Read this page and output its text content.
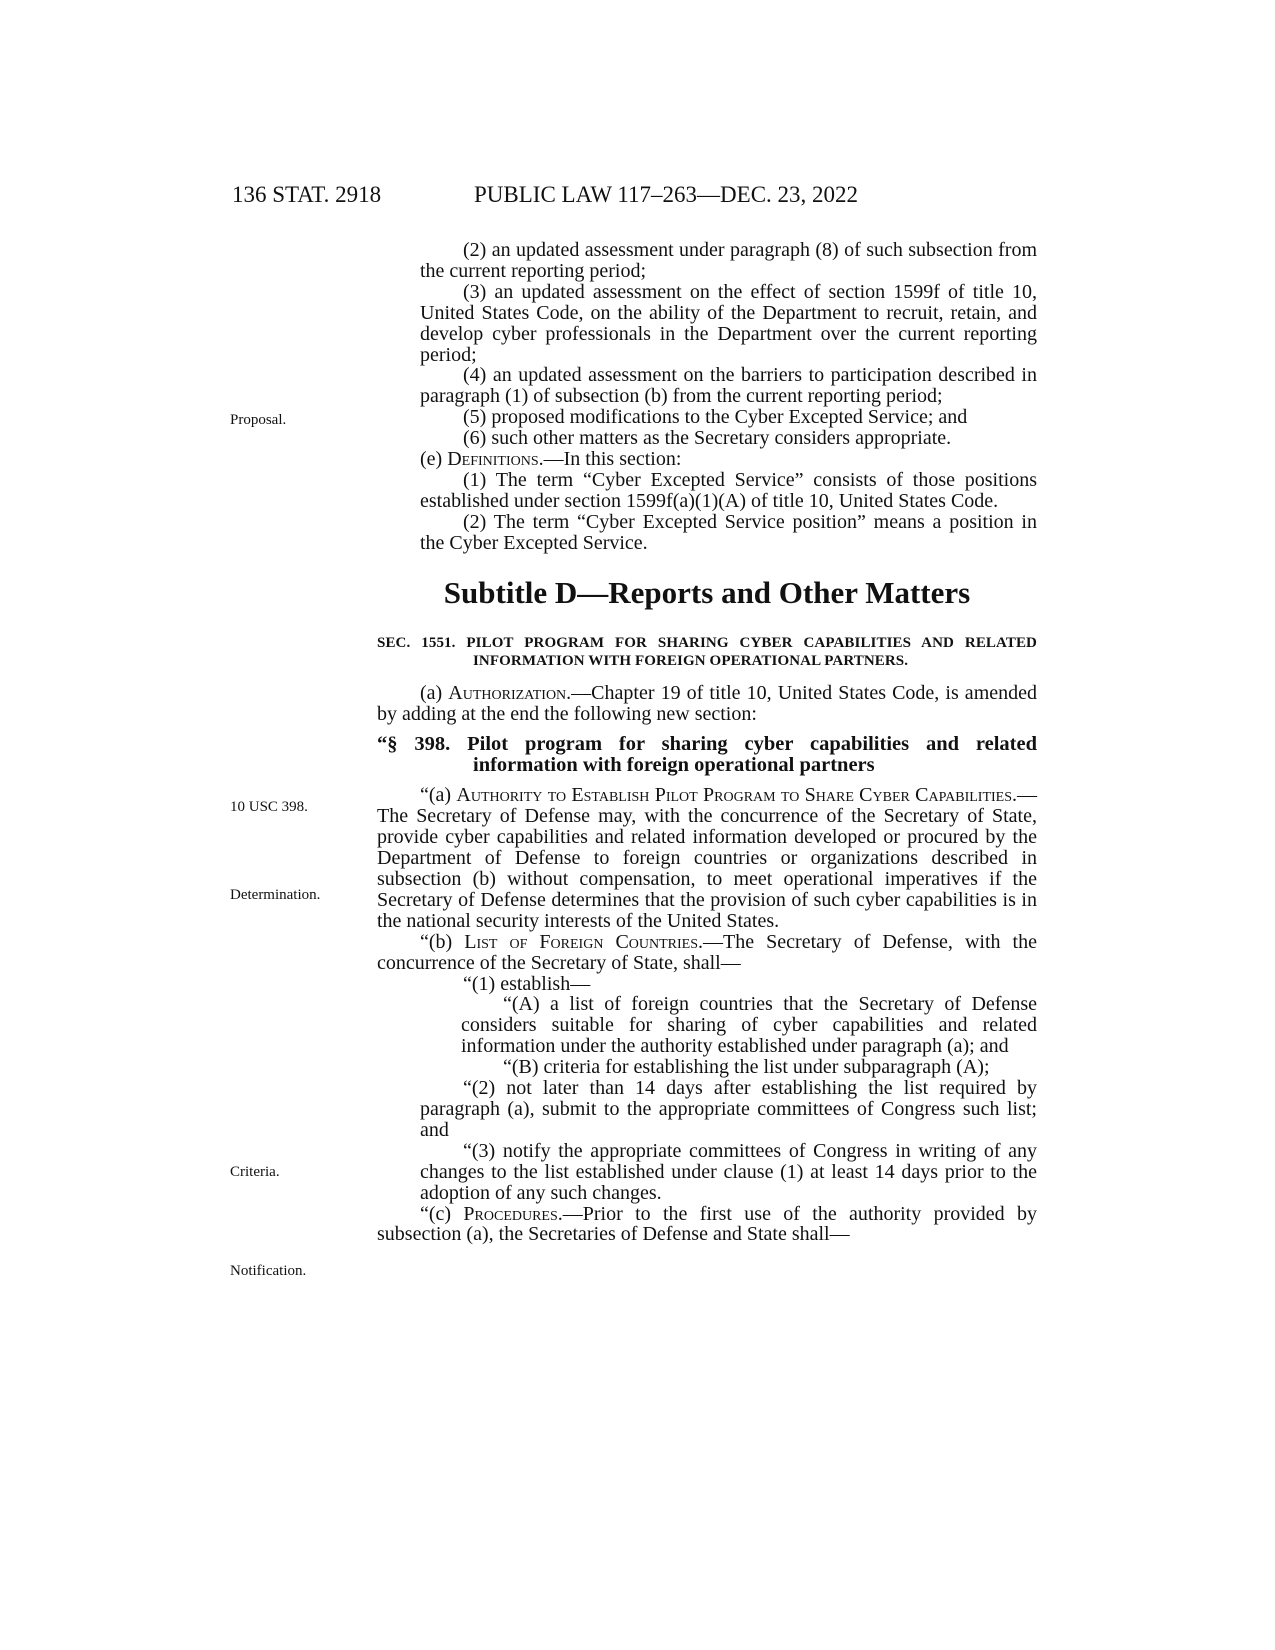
136 STAT. 2918	PUBLIC LAW 117–263—DEC. 23, 2022
Proposal.
10 USC 398.
Determination.
Criteria.
Notification.

(2) an updated assessment under paragraph (8) of such subsection from the current reporting period;

(3) an updated assessment on the effect of section 1599f of title 10, United States Code, on the ability of the Department to recruit, retain, and develop cyber professionals in the Department over the current reporting period;

(4) an updated assessment on the barriers to participation described in paragraph (1) of subsection (b) from the current reporting period;

(5) proposed modifications to the Cyber Excepted Service; and

(6) such other matters as the Secretary considers appropriate.

(e) Definitions.—In this section:

(1) The term “Cyber Excepted Service” consists of those positions established under section 1599f(a)(1)(A) of title 10, United States Code.

(2) The term “Cyber Excepted Service position” means a position in the Cyber Excepted Service.

Subtitle D—Reports and Other Matters

SEC. 1551. PILOT PROGRAM FOR SHARING CYBER CAPABILITIES AND RELATED INFORMATION WITH FOREIGN OPERATIONAL PARTNERS.

(a) Authorization.—Chapter 19 of title 10, United States Code, is amended by adding at the end the following new section:

“§ 398. Pilot program for sharing cyber capabilities and related information with foreign operational partners

“(a) Authority to Establish Pilot Program to Share Cyber Capabilities.—The Secretary of Defense may, with the concurrence of the Secretary of State, provide cyber capabilities and related information developed or procured by the Department of Defense to foreign countries or organizations described in subsection (b) without compensation, to meet operational imperatives if the Secretary of Defense determines that the provision of such cyber capabilities is in the national security interests of the United States.

“(b) List of Foreign Countries.—The Secretary of Defense, with the concurrence of the Secretary of State, shall—

“(1) establish—

“(A) a list of foreign countries that the Secretary of Defense considers suitable for sharing of cyber capabilities and related information under the authority established under paragraph (a); and

“(B) criteria for establishing the list under subparagraph (A);

“(2) not later than 14 days after establishing the list required by paragraph (a), submit to the appropriate committees of Congress such list; and

“(3) notify the appropriate committees of Congress in writing of any changes to the list established under clause (1) at least 14 days prior to the adoption of any such changes.

“(c) Procedures.—Prior to the first use of the authority provided by subsection (a), the Secretaries of Defense and State shall—
